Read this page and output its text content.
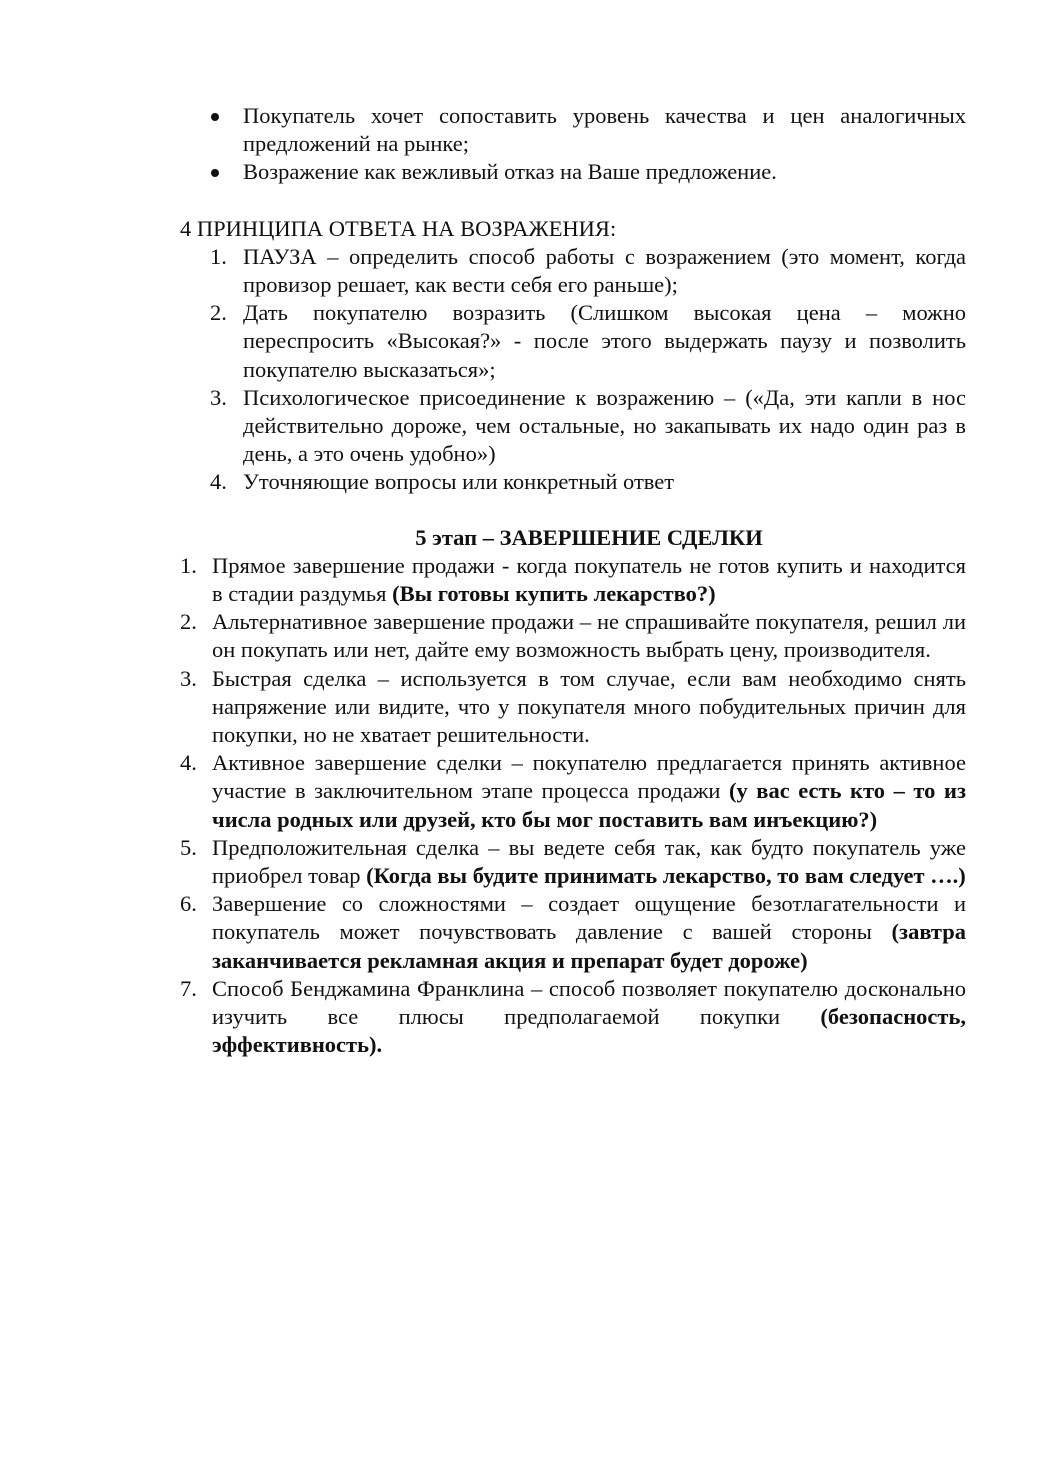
Покупатель хочет сопоставить уровень качества и цен аналогичных предложений на рынке;
Возражение как вежливый отказ на Ваше предложение.

4 ПРИНЦИПА ОТВЕТА НА ВОЗРАЖЕНИЯ:

1. ПАУЗА – определить способ работы с возражением (это момент, когда провизор решает, как вести себя его раньше);
2. Дать покупателю возразить (Слишком высокая цена – можно переспросить «Высокая?» - после этого выдержать паузу и позволить покупателю высказаться»;
3. Психологическое присоединение к возражению – («Да, эти капли в нос действительно дороже, чем остальные, но закапывать их надо один раз в день, а это очень удобно»)
4. Уточняющие вопросы или конкретный ответ

5 этап – ЗАВЕРШЕНИЕ СДЕЛКИ

1. Прямое завершение продажи - когда покупатель не готов купить и находится в стадии раздумья (Вы готовы купить лекарство?)
2. Альтернативное завершение продажи – не спрашивайте покупателя, решил ли он покупать или нет, дайте ему возможность выбрать цену, производителя.
3. Быстрая сделка – используется в том случае, если вам необходимо снять напряжение или видите, что у покупателя много побудительных причин для покупки, но не хватает решительности.
4. Активное завершение сделки – покупателю предлагается принять активное участие в заключительном этапе процесса продажи (у вас есть кто – то из числа родных или друзей, кто бы мог поставить вам инъекцию?)
5. Предположительная сделка – вы ведете себя так, как будто покупатель уже приобрел товар (Когда вы будите принимать лекарство, то вам следует ….)
6. Завершение со сложностями – создает ощущение безотлагательности и покупатель может почувствовать давление с вашей стороны (завтра заканчивается рекламная акция и препарат будет дороже)
7. Способ Бенджамина Франклина – способ позволяет покупателю досконально изучить все плюсы предполагаемой покупки (безопасность, эффективность).
